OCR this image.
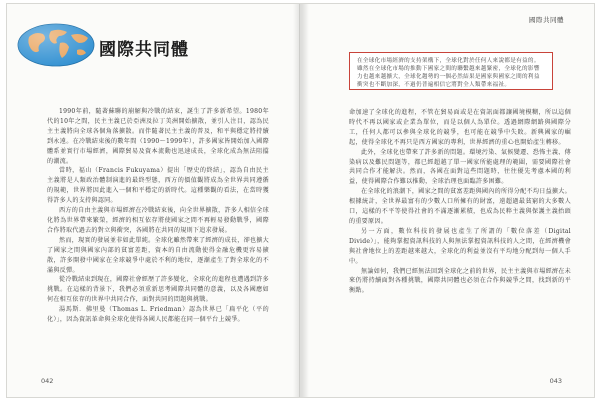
國際共同體

1990年前，隨著蘇聯的崩解與冷戰的結束，誕生了許多新希望。1980年代的10年之間，民主主義已於亞洲及拉丁美洲開始擴散，並引人注目，認為民主主義將向全球各個角落擴散。而伴隨著民主主義的普及，和平與穩定將持續到永遠。在冷戰結束後的數年間（1990～1999年），許多國家皆開始加入國際體系並實行市場經濟，國際貿易及資本流動也迅速成長，全球化成為無法阻擋的潮流。

當時，福山（Francis Fukuyama）提出「歷史的終結」，認為自由民主主義將是人類政治體制演進的最終型態，西方的價值觀將成為全世界共同遵循的規範，世界將因此進入一個和平穩定的新時代。這種樂觀的看法，在當時獲得許多人的支持與認同。

西方的自由主義與市場經濟在冷戰結束後，向全世界擴散，許多人相信全球化將為世界帶來繁榮，經濟的相互依存將使國家之間不再輕易發動戰爭，國際合作將取代過去的對立與衝突，各國將在共同的規則下追求發展。

然而，現實的發展並非如此單純。全球化雖然帶來了經濟的成長，卻也擴大了國家之間與國家內部的貧富差距，資本的自由流動使得金融危機更容易擴散，許多開發中國家在全球競爭中處於不利的地位，逐漸產生了對全球化的不滿與反彈。

從冷戰結束到現在，國際社會經歷了許多變化，全球化的進程也遭遇到許多挑戰。在這樣的背景下，我們必須重新思考國際共同體的意義，以及各國應如何在相互依存的世界中共同合作，面對共同的問題與挑戰。

湯馬斯．佛里曼（Thomas L. Friedman）認為世界已「扁平化（平的化）」，因為資訊革命與全球化使得各國人民都能在同一個平台上競爭。

042
國際共同體
在全球化市場經濟的支持架構下，全球化對於任何人來說都是有益的。雖然在全球化市場的推動下國家之間的聯繫越來越緊密，全球化的影響力也越來越擴大，全球化趨勢的一個必然結果是國家與國家之間的利益衝突也不斷加深，不過仍普遍相信它將對全人類帶來福祉。

命加速了全球化的進程，不管在貿易面或是在資訊面都讓國境模糊，所以這個時代不再以國家或企業為單位，而是以個人為單位。透過網際網路與國際分工，任何人都可以參與全球化的競爭，也可能在競爭中失敗。新興國家的崛起，使得全球化不再只是西方國家的專利，世界經濟的重心也開始產生轉移。

此外，全球化也帶來了許多新的問題。環境污染、氣候變遷、恐怖主義、傳染病以及難民問題等，都已經超越了單一國家所能處理的範圍，需要國際社會共同合作才能解決。然而，各國在面對這些問題時，往往優先考慮本國的利益，使得國際合作難以推動，全球治理也面臨許多困難。

在全球化的浪潮下，國家之間的貧富差距與國內的所得分配不均日益擴大。根據統計，全世界最富有的少數人口所擁有的財富，遠超過最貧窮的大多數人口，這樣的不平等使得社會的不滿逐漸累積，也成為民粹主義與保護主義抬頭的重要原因。

另一方面，數位科技的發展也產生了所謂的「數位落差（Digital Divide）」，能夠掌握資訊科技的人與無法掌握資訊科技的人之間，在經濟機會與社會地位上的差距越來越大，全球化的利益並沒有平均地分配到每一個人手中。

無論如何，我們已經無法回到全球化之前的世界，民主主義與市場經濟在未來仍將持續面對各種挑戰，國際共同體也必須在合作與競爭之間，找到新的平衡點。

043
